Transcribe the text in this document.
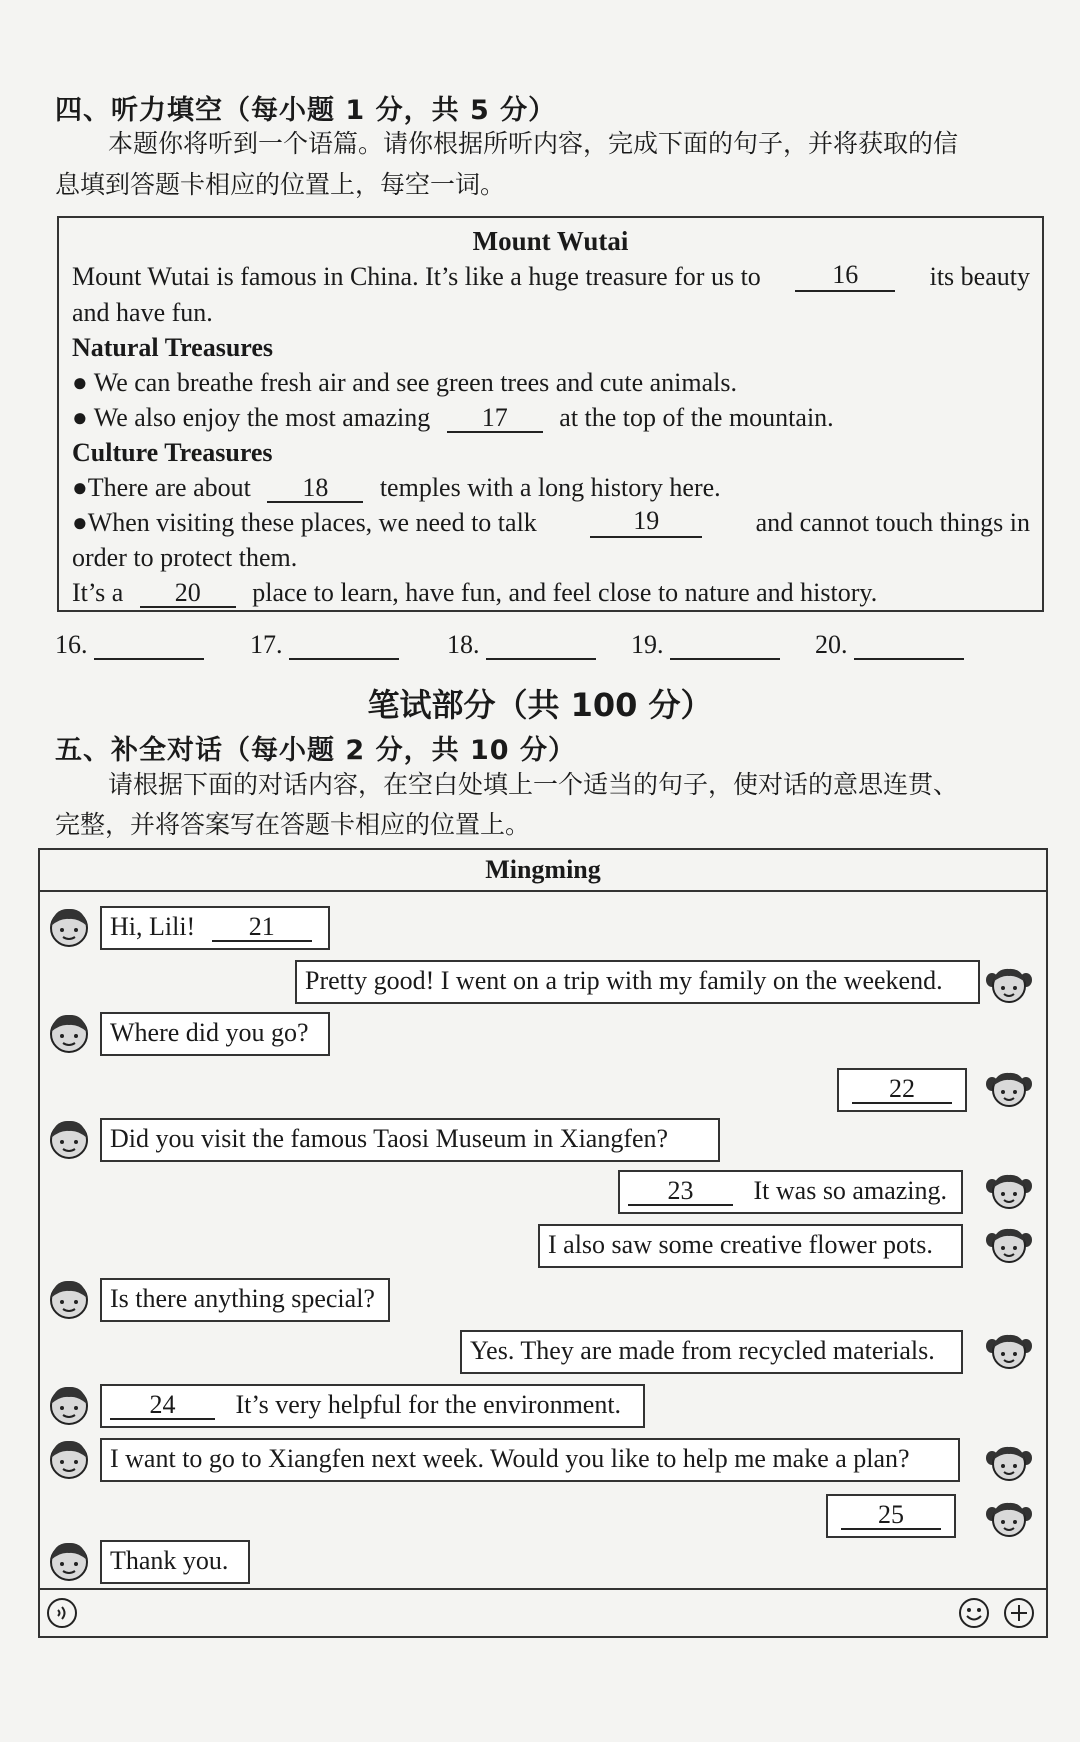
四、听力填空（每小题 1 分，共 5 分）
本题你将听到一个语篇。请你根据所听内容，完成下面的句子，并将获取的信
息填到答题卡相应的位置上，每空一词。
Mount Wutai
Mount Wutai is famous in China. It’s like a huge treasure for us to	16	its beauty
and have fun.
Natural Treasures
● We can breathe fresh air and see green trees and cute animals.
● We also enjoy the most amazing 17 at the top of the mountain.
Culture Treasures
●There are about 18 temples with a long history here.
●When visiting these places, we need to talk	19	and cannot touch things in
order to protect them.
It’s a 20 place to learn, have fun, and feel close to nature and history.
16.	17.	18.	19.	20.
笔试部分（共 100 分）
五、补全对话（每小题 2 分，共 10 分）
请根据下面的对话内容，在空白处填上一个适当的句子，使对话的意思连贯、
完整，并将答案写在答题卡相应的位置上。
Mingming
Hi, Lili! 21
Pretty good! I went on a trip with my family on the weekend.
Where did you go?
22
Did you visit the famous Taosi Museum in Xiangfen?
23 It was so amazing.
I also saw some creative flower pots.
Is there anything special?
Yes. They are made from recycled materials.
24 It’s very helpful for the environment.
I want to go to Xiangfen next week. Would you like to help me make a plan?
25
Thank you.
